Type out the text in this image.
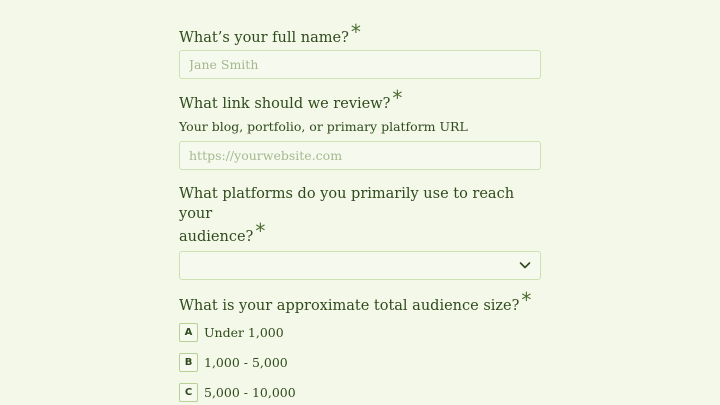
What’s your full name? *
Jane Smith
What link should we review? *
Your blog, portfolio, or primary platform URL
https://yourwebsite.com
What platforms do you primarily use to reach your
audience? *
What is your approximate total audience size? *
A Under 1,000
B 1,000 - 5,000
C 5,000 - 10,000
